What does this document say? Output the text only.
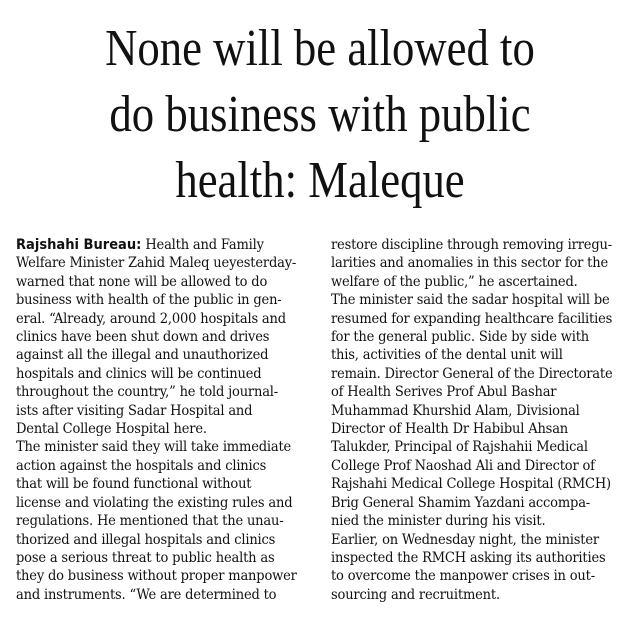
None will be allowed to
do business with public
health: Maleque
Rajshahi Bureau: Health and Family
Welfare Minister Zahid Maleq ueyesterday-
warned that none will be allowed to do
business with health of the public in gen-
eral. “Already, around 2,000 hospitals and
clinics have been shut down and drives
against all the illegal and unauthorized
hospitals and clinics will be continued
throughout the country,” he told journal-
ists after visiting Sadar Hospital and
Dental College Hospital here.
The minister said they will take immediate
action against the hospitals and clinics
that will be found functional without
license and violating the existing rules and
regulations. He mentioned that the unau-
thorized and illegal hospitals and clinics
pose a serious threat to public health as
they do business without proper manpower
and instruments. “We are determined to
restore discipline through removing irregu-
larities and anomalies in this sector for the
welfare of the public,” he ascertained.
The minister said the sadar hospital will be
resumed for expanding healthcare facilities
for the general public. Side by side with
this, activities of the dental unit will
remain. Director General of the Directorate
of Health Serives Prof Abul Bashar
Muhammad Khurshid Alam, Divisional
Director of Health Dr Habibul Ahsan
Talukder, Principal of Rajshahii Medical
College Prof Naoshad Ali and Director of
Rajshahi Medical College Hospital (RMCH)
Brig General Shamim Yazdani accompa-
nied the minister during his visit.
Earlier, on Wednesday night, the minister
inspected the RMCH asking its authorities
to overcome the manpower crises in out-
sourcing and recruitment.
